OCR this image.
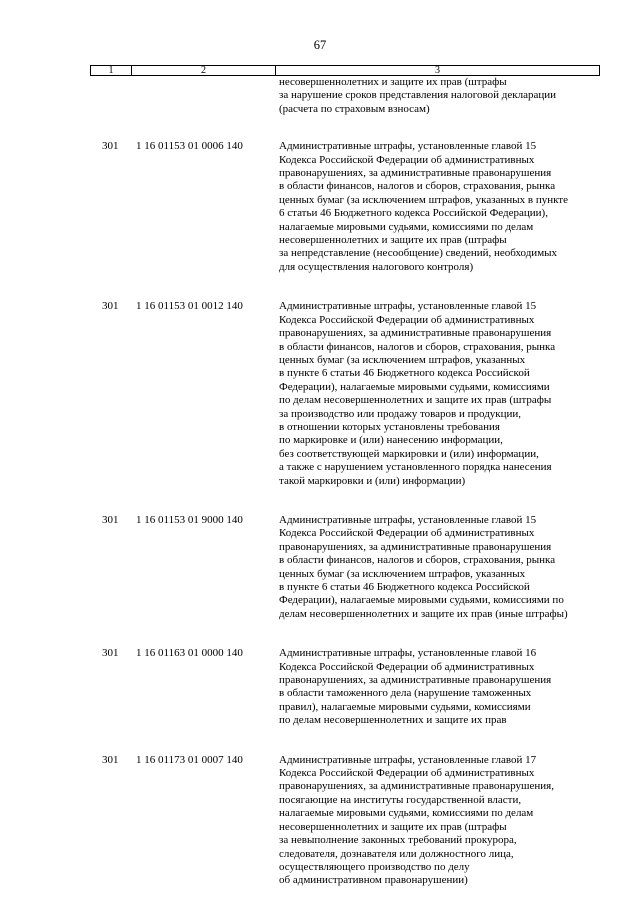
67
1	2	3
несовершеннолетних и защите их прав (штрафы
за нарушение сроков представления налоговой декларации
(расчета по страховым взносам)
301	1 16 01153 01 0006 140	Административные штрафы, установленные главой 15
Кодекса Российской Федерации об административных
правонарушениях, за административные правонарушения
в области финансов, налогов и сборов, страхования, рынка
ценных бумаг (за исключением штрафов, указанных в пункте
6 статьи 46 Бюджетного кодекса Российской Федерации),
налагаемые мировыми судьями, комиссиями по делам
несовершеннолетних и защите их прав (штрафы
за непредставление (несообщение) сведений, необходимых
для осуществления налогового контроля)
301	1 16 01153 01 0012 140	Административные штрафы, установленные главой 15
Кодекса Российской Федерации об административных
правонарушениях, за административные правонарушения
в области финансов, налогов и сборов, страхования, рынка
ценных бумаг (за исключением штрафов, указанных
в пункте 6 статьи 46 Бюджетного кодекса Российской
Федерации), налагаемые мировыми судьями, комиссиями
по делам несовершеннолетних и защите их прав (штрафы
за производство или продажу товаров и продукции,
в отношении которых установлены требования
по маркировке и (или) нанесению информации,
без соответствующей маркировки и (или) информации,
а также с нарушением установленного порядка нанесения
такой маркировки и (или) информации)
301	1 16 01153 01 9000 140	Административные штрафы, установленные главой 15
Кодекса Российской Федерации об административных
правонарушениях, за административные правонарушения
в области финансов, налогов и сборов, страхования, рынка
ценных бумаг (за исключением штрафов, указанных
в пункте 6 статьи 46 Бюджетного кодекса Российской
Федерации), налагаемые мировыми судьями, комиссиями по
делам несовершеннолетних и защите их прав (иные штрафы)
301	1 16 01163 01 0000 140	Административные штрафы, установленные главой 16
Кодекса Российской Федерации об административных
правонарушениях, за административные правонарушения
в области таможенного дела (нарушение таможенных
правил), налагаемые мировыми судьями, комиссиями
по делам несовершеннолетних и защите их прав
301	1 16 01173 01 0007 140	Административные штрафы, установленные главой 17
Кодекса Российской Федерации об административных
правонарушениях, за административные правонарушения,
посягающие на институты государственной власти,
налагаемые мировыми судьями, комиссиями по делам
несовершеннолетних и защите их прав (штрафы
за невыполнение законных требований прокурора,
следователя, дознавателя или должностного лица,
осуществляющего производство по делу
об административном правонарушении)
